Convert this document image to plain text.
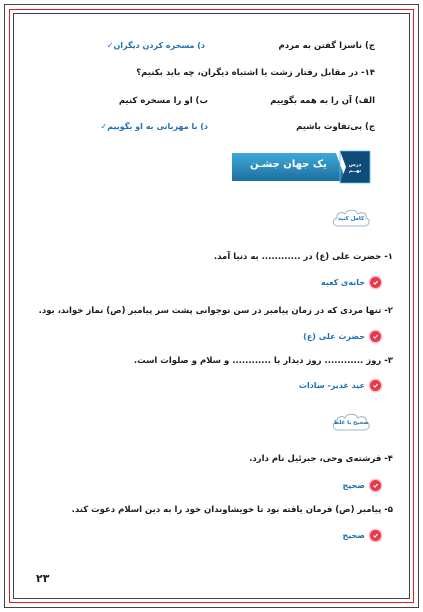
ج) ناسزا گفتن به مردم
د) مسخره کردن دیگران✓
۱۴- در مقابل رفتار زشت یا اشتباه دیگران، چه باید بکنیم؟
الف) آن را به همه بگوییم
ب) او را مسخره کنیم
ج) بی‌تفاوت باشیم
د) با مهربانی به او بگوییم✓
یک جهان جشـن	درس نهــم
کامل کنید
۱- حضرت علی (ع) در ............ به دنیا آمد.
خانه‌ی کعبه
۲- تنها مردی که در زمان پیامبر در سن نوجوانی پشت سر پیامبر (ص) نماز خواند، بود.
حضرت علی (ع)
۳- روز ............ روز دیدار با ............ و سلام و صلوات است.
عید غدیر- سادات
صحیح یا غلط
۴- فرشته‌ی وحی، جبرئیل نام دارد.
صحیح
۵- پیامبر (ص) فرمان یافته بود تا خویشاوندان خود را به دین اسلام دعوت کند.
صحیح
۲۳
